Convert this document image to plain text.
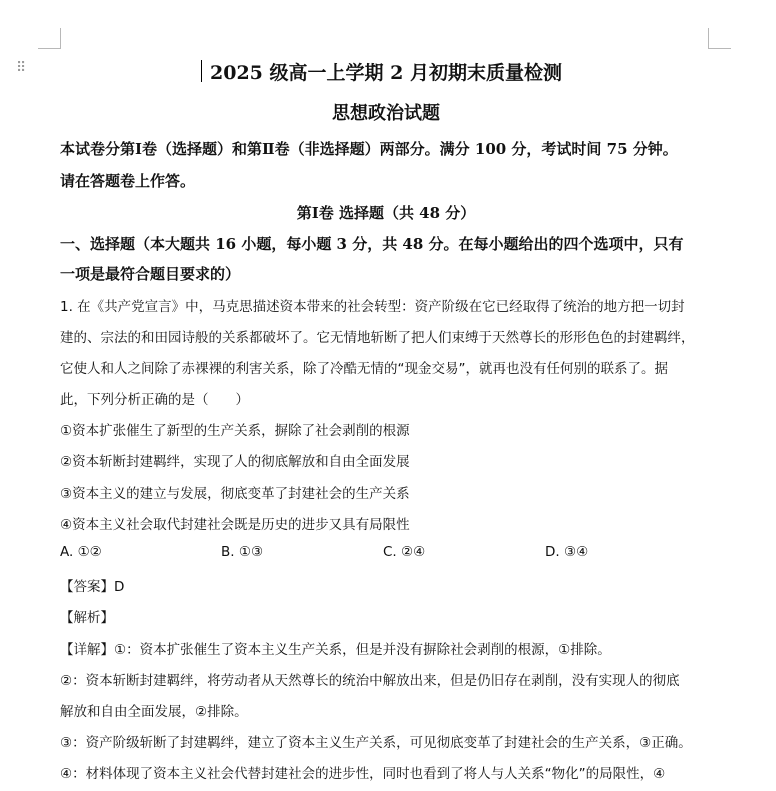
⠿	2025 级高一上学期 2 月初期末质量检测
思想政治试题
本试卷分第Ⅰ卷（选择题）和第Ⅱ卷（非选择题）两部分。满分 100 分，考试时间 75 分钟。
请在答题卷上作答。
第Ⅰ卷 选择题（共 48 分）
一、选择题（本大题共 16 小题，每小题 3 分，共 48 分。在每小题给出的四个选项中，只有
一项是最符合题目要求的）
1. 在《共产党宣言》中，马克思描述资本带来的社会转型：资产阶级在它已经取得了统治的地方把一切封
建的、宗法的和田园诗般的关系都破坏了。它无情地斩断了把人们束缚于天然尊长的形形色色的封建羁绊，
它使人和人之间除了赤裸裸的利害关系，除了冷酷无情的“现金交易”，就再也没有任何别的联系了。据
此，下列分析正确的是（　　）
①资本扩张催生了新型的生产关系，摒除了社会剥削的根源
②资本斩断封建羁绊，实现了人的彻底解放和自由全面发展
③资本主义的建立与发展，彻底变革了封建社会的生产关系
④资本主义社会取代封建社会既是历史的进步又具有局限性
A. ①②	B. ①③	C. ②④	D. ③④
【答案】D
【解析】
【详解】①：资本扩张催生了资本主义生产关系，但是并没有摒除社会剥削的根源，①排除。
②：资本斩断封建羁绊，将劳动者从天然尊长的统治中解放出来，但是仍旧存在剥削，没有实现人的彻底
解放和自由全面发展，②排除。
③：资产阶级斩断了封建羁绊，建立了资本主义生产关系，可见彻底变革了封建社会的生产关系，③正确。
④：材料体现了资本主义社会代替封建社会的进步性，同时也看到了将人与人关系“物化”的局限性，④
